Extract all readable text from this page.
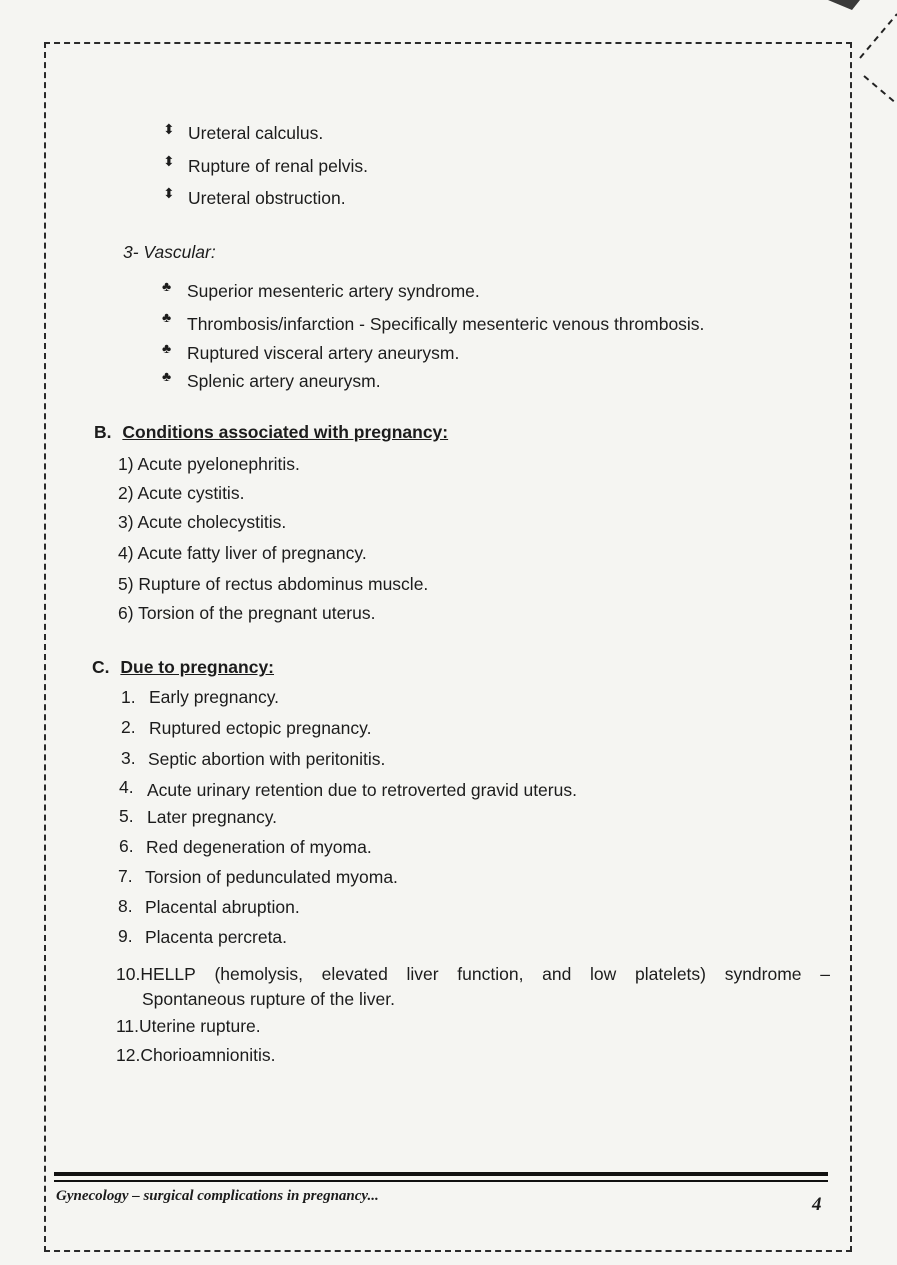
⬍ Ureteral calculus.
⬍ Rupture of renal pelvis.
⬍ Ureteral obstruction.
3- Vascular:
♣ Superior mesenteric artery syndrome.
♣ Thrombosis/infarction - Specifically mesenteric venous thrombosis.
♣ Ruptured visceral artery aneurysm.
♣ Splenic artery aneurysm.
B. Conditions associated with pregnancy:
1) Acute pyelonephritis.
2) Acute cystitis.
3) Acute cholecystitis.
4) Acute fatty liver of pregnancy.
5) Rupture of rectus abdominus muscle.
6) Torsion of the pregnant uterus.
C. Due to pregnancy:
1. Early pregnancy.
2. Ruptured ectopic pregnancy.
3. Septic abortion with peritonitis.
4. Acute urinary retention due to retroverted gravid uterus.
5. Later pregnancy.
6. Red degeneration of myoma.
7. Torsion of pedunculated myoma.
8. Placental abruption.
9. Placenta percreta.
10.HELLP (hemolysis, elevated liver function, and low platelets) syndrome –
Spontaneous rupture of the liver.
11.Uterine rupture.
12.Chorioamnionitis.
Gynecology – surgical complications in pregnancy...	4
